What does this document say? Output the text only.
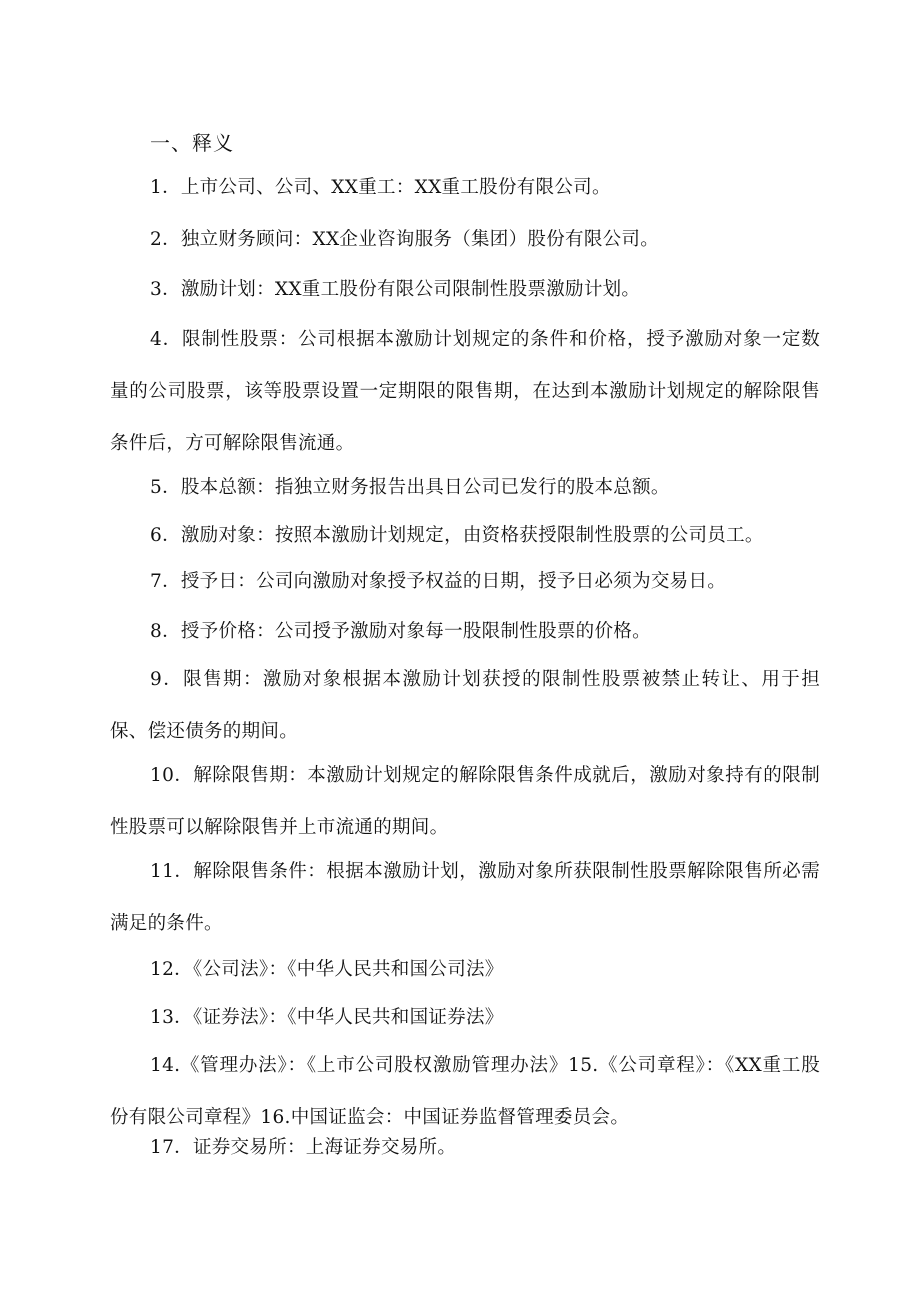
一、释义

1．上市公司、公司、XX重工：XX重工股份有限公司。

2．独立财务顾问：XX企业咨询服务（集团）股份有限公司。

3．激励计划：XX重工股份有限公司限制性股票激励计划。

4．限制性股票：公司根据本激励计划规定的条件和价格，授予激励对象一定数量的公司股票，该等股票设置一定期限的限售期，在达到本激励计划规定的解除限售条件后，方可解除限售流通。

5．股本总额：指独立财务报告出具日公司已发行的股本总额。

6．激励对象：按照本激励计划规定，由资格获授限制性股票的公司员工。

7．授予日：公司向激励对象授予权益的日期，授予日必须为交易日。

8．授予价格：公司授予激励对象每一股限制性股票的价格。

9．限售期：激励对象根据本激励计划获授的限制性股票被禁止转让、用于担保、偿还债务的期间。

10．解除限售期：本激励计划规定的解除限售条件成就后，激励对象持有的限制性股票可以解除限售并上市流通的期间。

11．解除限售条件：根据本激励计划，激励对象所获限制性股票解除限售所必需满足的条件。

12．《公司法》：《中华人民共和国公司法》

13．《证券法》：《中华人民共和国证券法》

14.《管理办法》：《上市公司股权激励管理办法》15.《公司章程》：《XX重工股份有限公司章程》16.中国证监会：中国证券监督管理委员会。

17．证券交易所：上海证券交易所。
